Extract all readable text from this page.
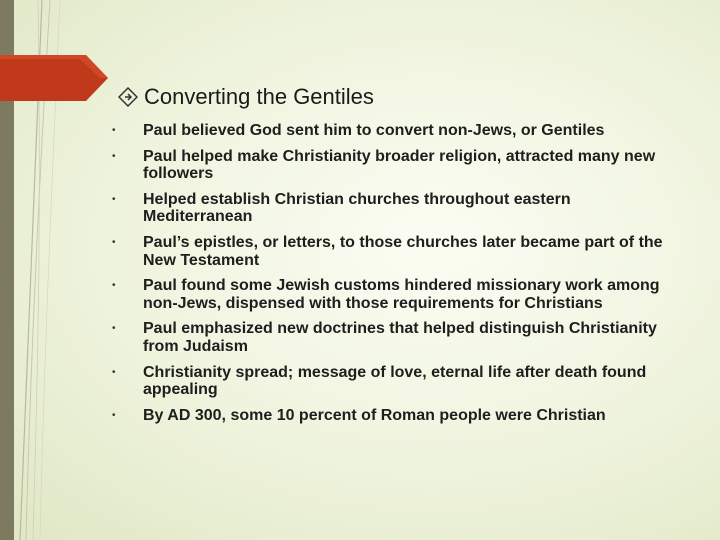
Converting the Gentiles
• Paul believed God sent him to convert non-Jews, or Gentiles
• Paul helped make Christianity broader religion, attracted many new followers
• Helped establish Christian churches throughout eastern Mediterranean
• Paul’s epistles, or letters, to those churches later became part of the New Testament
• Paul found some Jewish customs hindered missionary work among non-Jews, dispensed with those requirements for Christians
• Paul emphasized new doctrines that helped distinguish Christianity from Judaism
• Christianity spread; message of love, eternal life after death found appealing
• By AD 300, some 10 percent of Roman people were Christian
